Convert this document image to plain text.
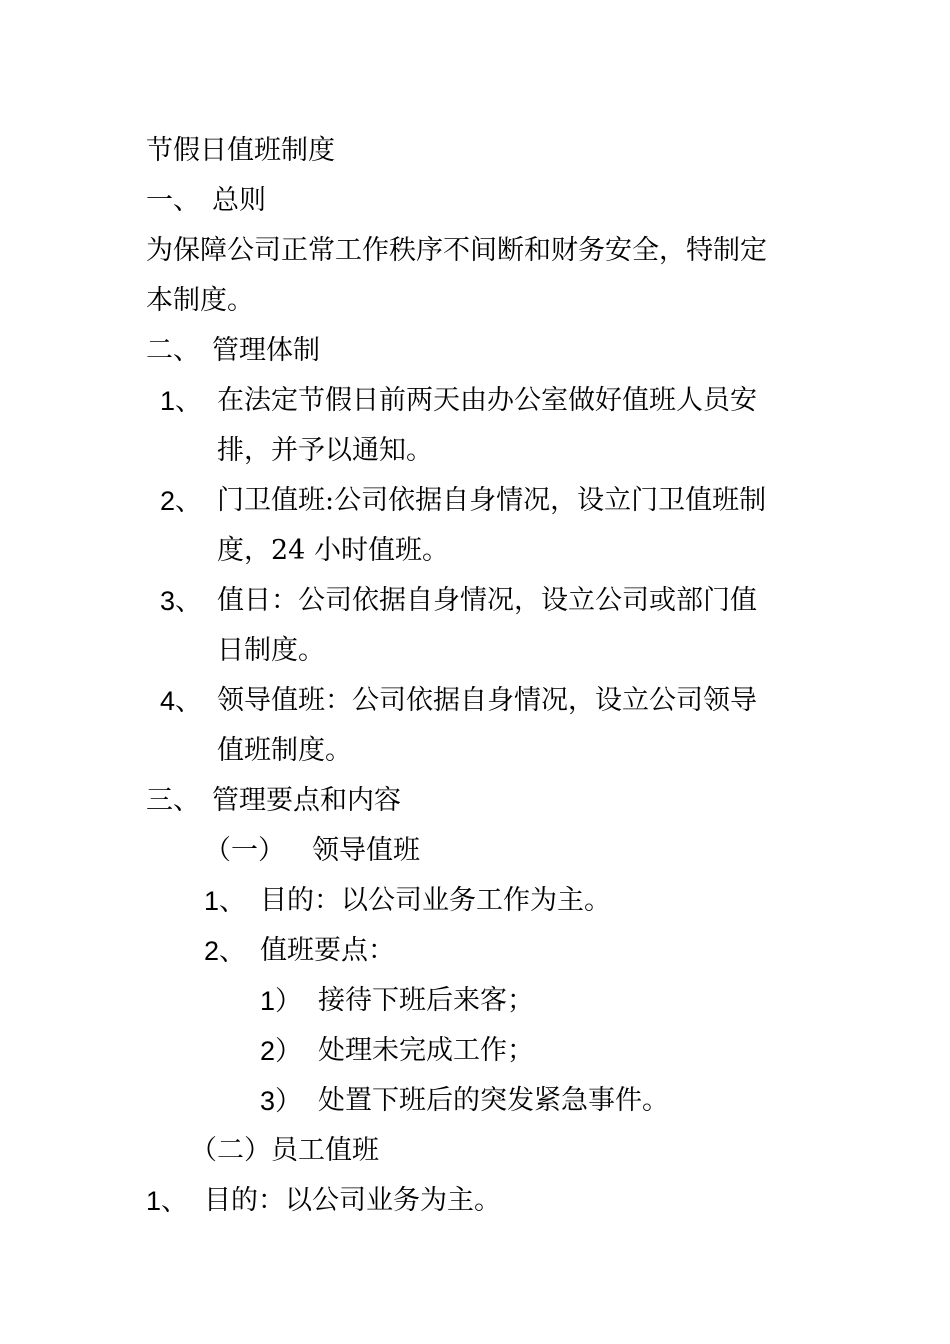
节假日值班制度
一、 总则
为保障公司正常工作秩序不间断和财务安全，特制定
本制度。
二、 管理体制
1、 在法定节假日前两天由办公室做好值班人员安
排，并予以通知。
2、 门卫值班:公司依据自身情况，设立门卫值班制
度，24 小时值班。
3、 值日：公司依据自身情况，设立公司或部门值
日制度。
4、 领导值班：公司依据自身情况，设立公司领导
值班制度。
三、 管理要点和内容
（一） 领导值班
1、 目的：以公司业务工作为主。
2、 值班要点：
1） 接待下班后来客；
2） 处理未完成工作；
3） 处置下班后的突发紧急事件。
（二）员工值班
1、 目的：以公司业务为主。
